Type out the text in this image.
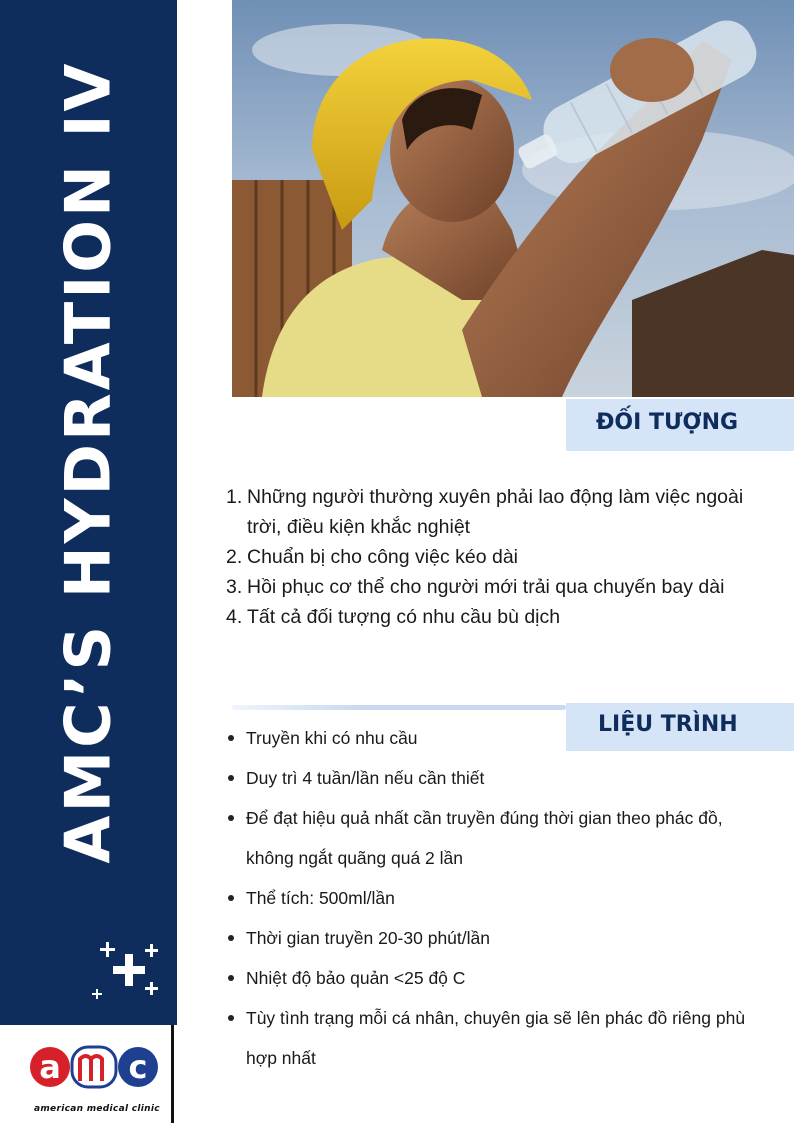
AMC’S HYDRATION IV
a c
american medical clinic
ĐỐI TƯỢNG
1. Những người thường xuyên phải lao động làm việc ngoài trời, điều kiện khắc nghiệt
2. Chuẩn bị cho công việc kéo dài
3. Hồi phục cơ thể cho người mới trải qua chuyến bay dài
4. Tất cả đối tượng có nhu cầu bù dịch
LIỆU TRÌNH
Truyền khi có nhu cầu
Duy trì 4 tuần/lần nếu cần thiết
Để đạt hiệu quả nhất cần truyền đúng thời gian theo phác đồ, không ngắt quãng quá 2 lần
Thể tích: 500ml/lần
Thời gian truyền 20-30 phút/lần
Nhiệt độ bảo quản <25 độ C
Tùy tình trạng mỗi cá nhân, chuyên gia sẽ lên phác đồ riêng phù hợp nhất
